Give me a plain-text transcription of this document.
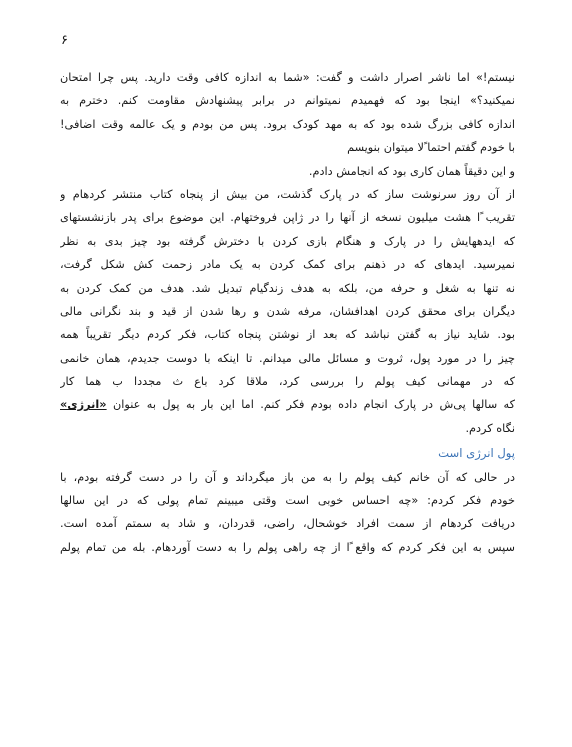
۶
نیستم!» اما ناشر اصرار داشت و گفت: «شما به اندازه کافی وقت دارید. پس چرا امتحان
نمیکنید؟» اینجا بود که فهمیدم نمیتوانم در برابر پیشنهادش مقاومت کنم. دخترم به
اندازه کافی بزرگ شده بود که به مهد کودک برود. پس من بودم و یک عالمه وقت اضافی!
با خودم گفتم احتما ًلا میتوا‌ن بنویسم
و این دقیقاً همان کاری بود که انجامش دادم.
از آن روز سرنوشت ساز که در پارک گذشت، من بیش از پنجاه کتاب منتشر کردهام و
تقریب ًا هشت میلیون نسخه از آنها را در ژاپن فروختهام. این موضوع برای پدر بازنشستهای
که ایدههایش را در پارک و هنگام بازی کردن با دخترش گرفته بود چیز بدی به نظر
نمیرسید. ایدهای که در ذهنم برای کمک کردن به یک مادر زحمت کش شکل گرفت،
نه تنها به شغل و حرفه من، بلکه به هدف زندگیام تبدیل شد. هدف من کمک کردن به
دیگران برای محقق کردن اهدافشان، مرفه شدن و رها شدن از قید و بند نگرانی مالی
بود. شاید نیاز به گفتن نباشد که بعد از نوشتن پنجاه کتاب، فکر کردم دیگر تقریباً همه
چیز را در مورد پول، ثروت و مسائل مالی میدانم. تا اینکه با دوست جدیدم، همان خانمی
که در مهمانی کیف پولم را بررسی کرد، ملاقا کرد باع ث مجددا ب هما کار
که سالها پی‌ش در پارک انجام داده بودم فکر کنم. اما این بار به پول به عنوان «انرژی»
نگاه کردم.
پول انرژی است
در حالی که آن خانم کیف پولم را به من باز میگرداند و آن را در دست گرفته بودم، با
خودم فکر کردم: «چه احساس خوبی است وقتی میبینم تمام پولی که در این سالها
دریافت کردهام از سمت افراد خوشحال، راضی، قدردان، و شاد به سمتم آمده است.
سپس به این فکر کردم که واقع ًا از چه راهی پولم را به دست آوردهام. بله من تمام پولم
